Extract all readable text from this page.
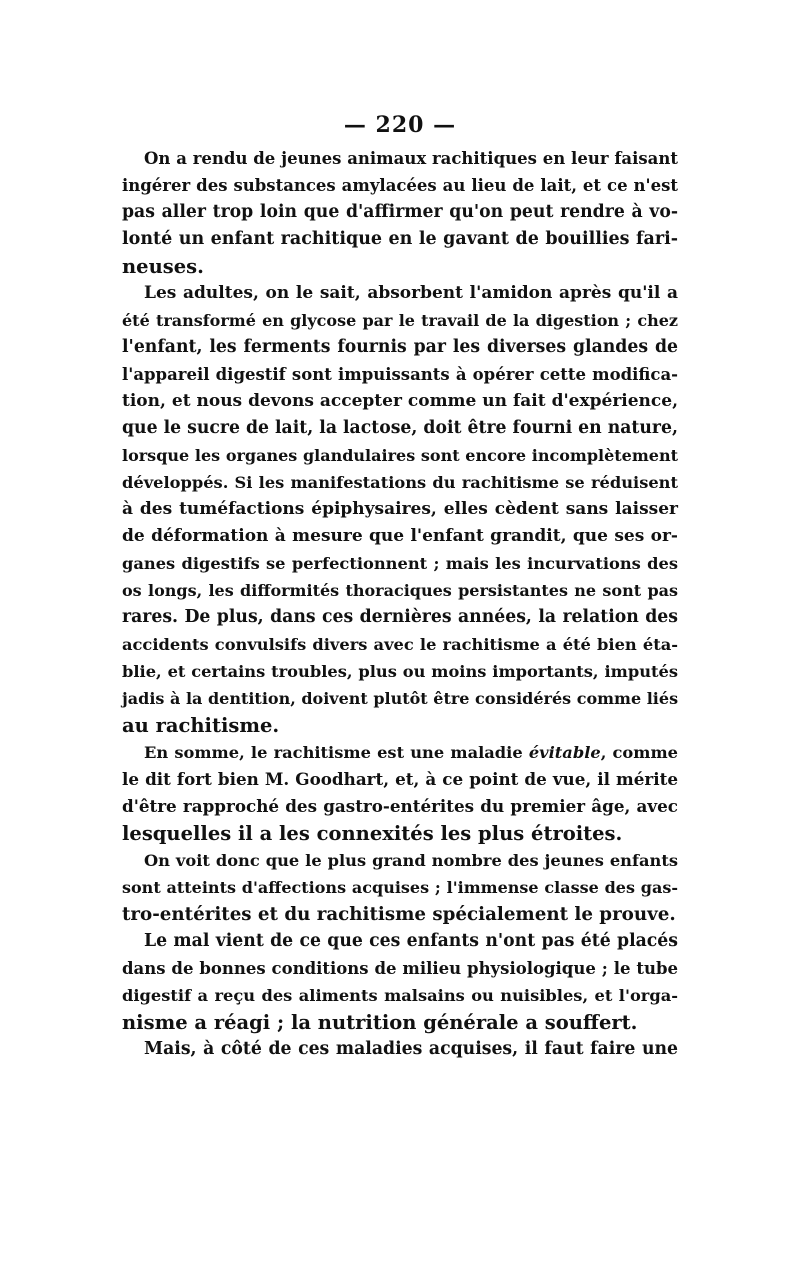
— 220 —
On a rendu de jeunes animaux rachitiques en leur faisant
ingérer des substances amylacées au lieu de lait, et ce n'est
pas aller trop loin que d'affirmer qu'on peut rendre à vo-
lonté un enfant rachitique en le gavant de bouillies fari-
neuses.
Les adultes, on le sait, absorbent l'amidon après qu'il a
été transformé en glycose par le travail de la digestion ; chez
l'enfant, les ferments fournis par les diverses glandes de
l'appareil digestif sont impuissants à opérer cette modifica-
tion, et nous devons accepter comme un fait d'expérience,
que le sucre de lait, la lactose, doit être fourni en nature,
lorsque les organes glandulaires sont encore incomplètement
développés. Si les manifestations du rachitisme se réduisent
à des tuméfactions épiphysaires, elles cèdent sans laisser
de déformation à mesure que l'enfant grandit, que ses or-
ganes digestifs se perfectionnent ; mais les incurvations des
os longs, les difformités thoraciques persistantes ne sont pas
rares. De plus, dans ces dernières années, la relation des
accidents convulsifs divers avec le rachitisme a été bien éta-
blie, et certains troubles, plus ou moins importants, imputés
jadis à la dentition, doivent plutôt être considérés comme liés
au rachitisme.
En somme, le rachitisme est une maladie évitable, comme
le dit fort bien M. Goodhart, et, à ce point de vue, il mérite
d'être rapproché des gastro-entérites du premier âge, avec
lesquelles il a les connexités les plus étroites.
On voit donc que le plus grand nombre des jeunes enfants
sont atteints d'affections acquises ; l'immense classe des gas-
tro-entérites et du rachitisme spécialement le prouve.
Le mal vient de ce que ces enfants n'ont pas été placés
dans de bonnes conditions de milieu physiologique ; le tube
digestif a reçu des aliments malsains ou nuisibles, et l'orga-
nisme a réagi ; la nutrition générale a souffert.
Mais, à côté de ces maladies acquises, il faut faire une
